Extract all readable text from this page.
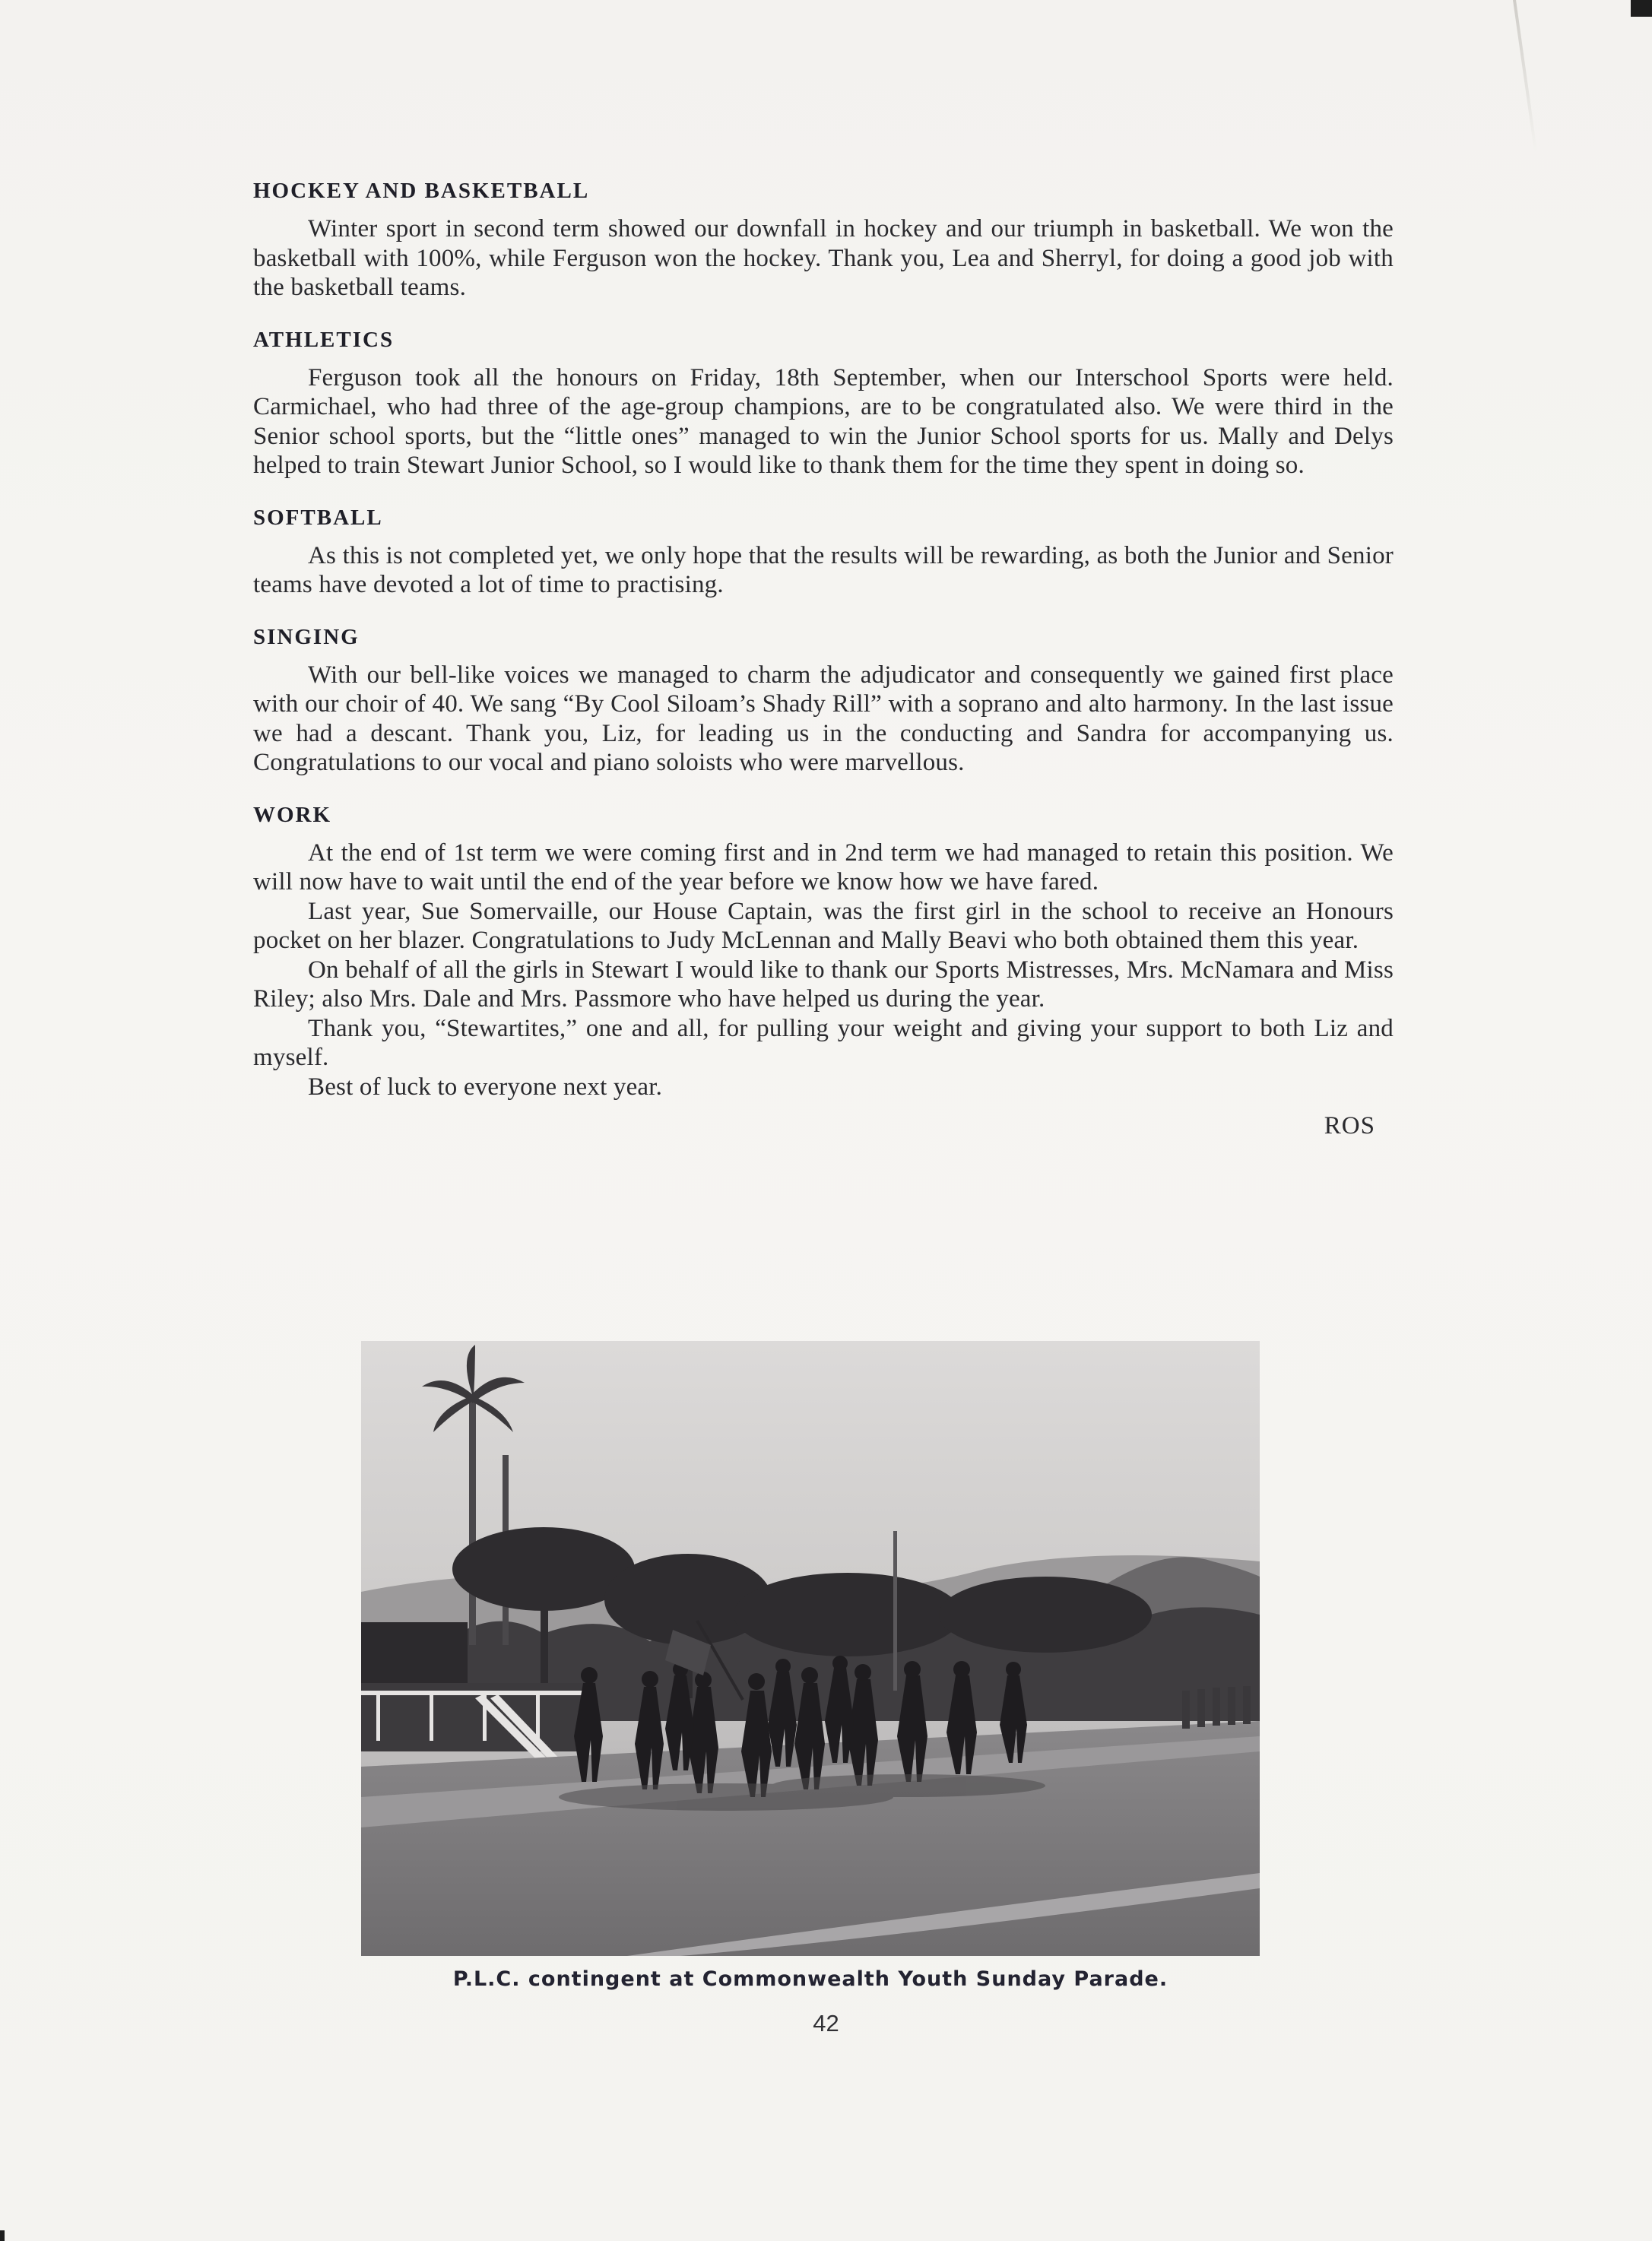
HOCKEY AND BASKETBALL

Winter sport in second term showed our downfall in hockey and our triumph in basketball. We won the basketball with 100%, while Ferguson won the hockey. Thank you, Lea and Sherryl, for doing a good job with the basketball teams.

ATHLETICS

Ferguson took all the honours on Friday, 18th September, when our Interschool Sports were held. Carmichael, who had three of the age-group champions, are to be congratulated also. We were third in the Senior school sports, but the “little ones” managed to win the Junior School sports for us. Mally and Delys helped to train Stewart Junior School, so I would like to thank them for the time they spent in doing so.

SOFTBALL

As this is not completed yet, we only hope that the results will be rewarding, as both the Junior and Senior teams have devoted a lot of time to practising.

SINGING

With our bell-like voices we managed to charm the adjudicator and consequently we gained first place with our choir of 40. We sang “By Cool Siloam’s Shady Rill” with a soprano and alto harmony. In the last issue we had a descant. Thank you, Liz, for leading us in the conducting and Sandra for accompanying us. Congratulations to our vocal and piano soloists who were marvellous.

WORK

At the end of 1st term we were coming first and in 2nd term we had managed to retain this position. We will now have to wait until the end of the year before we know how we have fared.

Last year, Sue Somervaille, our House Captain, was the first girl in the school to receive an Honours pocket on her blazer. Congratulations to Judy McLennan and Mally Beavi who both obtained them this year.

On behalf of all the girls in Stewart I would like to thank our Sports Mistresses, Mrs. McNamara and Miss Riley; also Mrs. Dale and Mrs. Passmore who have helped us during the year.

Thank you, “Stewartites,” one and all, for pulling your weight and giving your support to both Liz and myself.

Best of luck to everyone next year.

ROS
P.L.C. contingent at Commonwealth Youth Sunday Parade.
42
